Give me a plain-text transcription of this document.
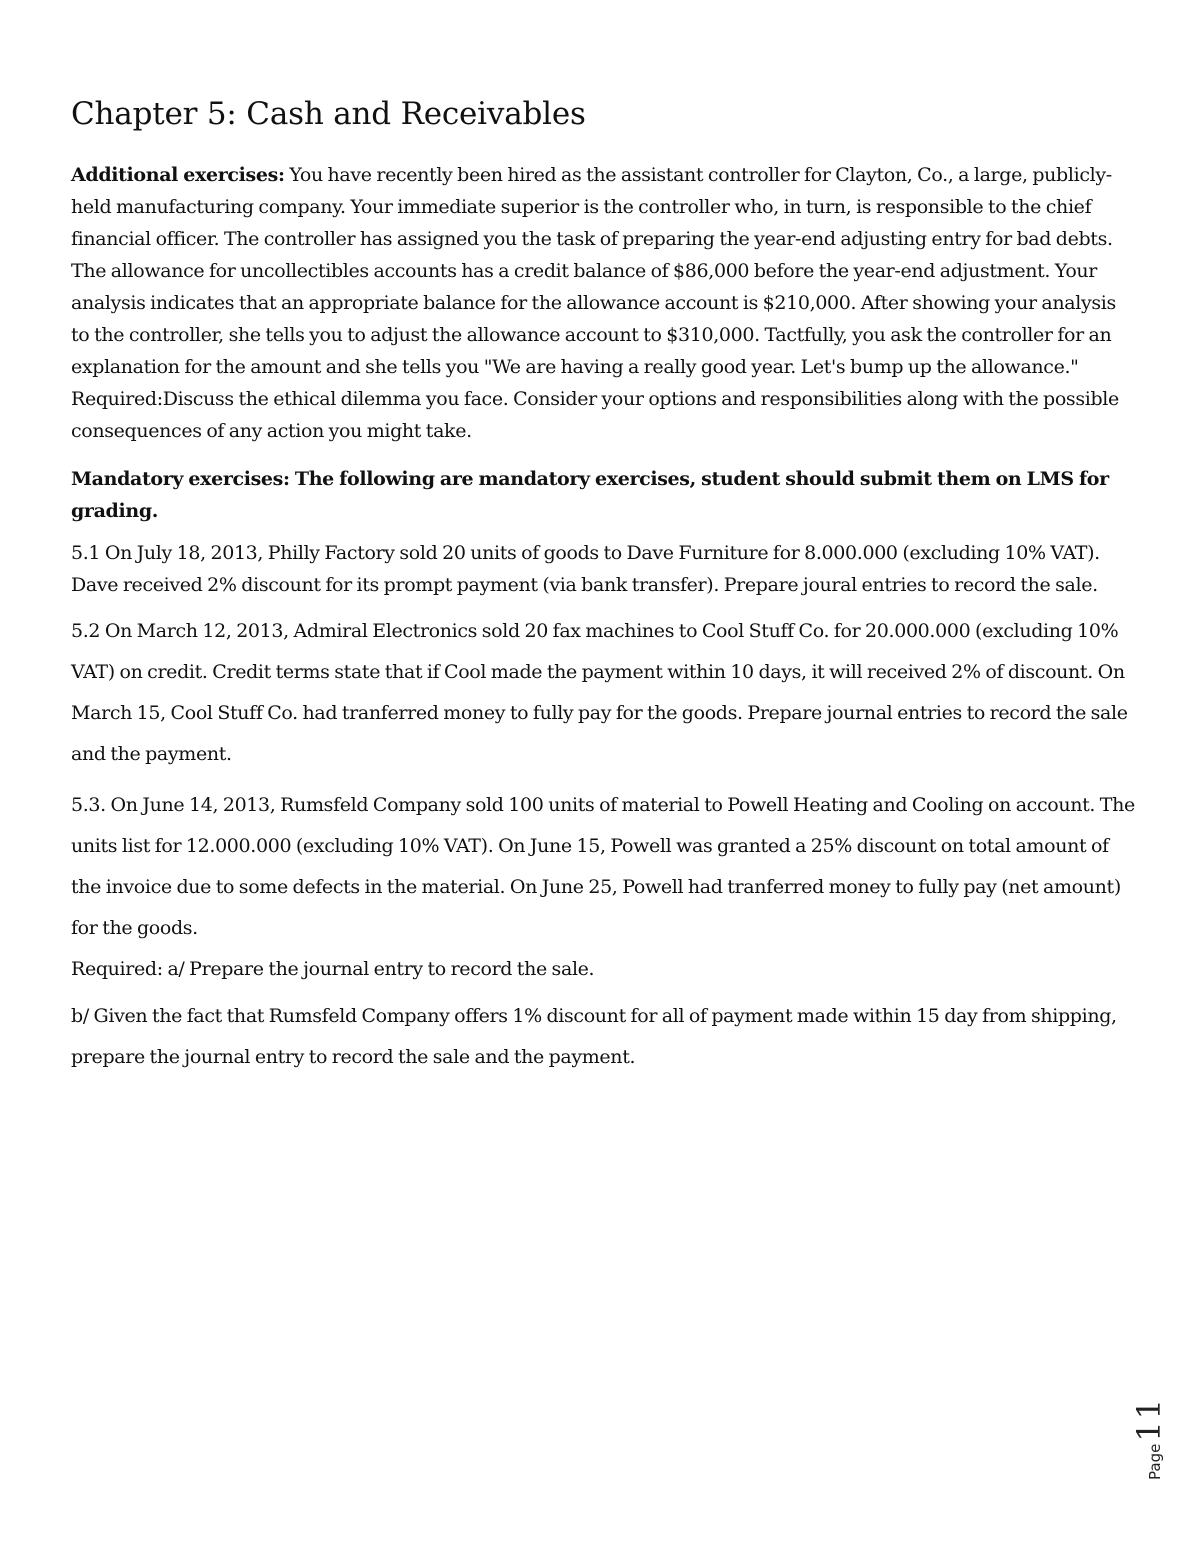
Chapter 5: Cash and Receivables

Additional exercises: You have recently been hired as the assistant controller for Clayton, Co., a large, publicly-held manufacturing company. Your immediate superior is the controller who, in turn, is responsible to the chief financial officer. The controller has assigned you the task of preparing the year-end adjusting entry for bad debts. The allowance for uncollectibles accounts has a credit balance of $86,000 before the year-end adjustment. Your analysis indicates that an appropriate balance for the allowance account is $210,000. After showing your analysis to the controller, she tells you to adjust the allowance account to $310,000. Tactfully, you ask the controller for an explanation for the amount and she tells you "We are having a really good year. Let's bump up the allowance."
Required:Discuss the ethical dilemma you face. Consider your options and responsibilities along with the possible consequences of any action you might take.

Mandatory exercises: The following are mandatory exercises, student should submit them on LMS for grading.

5.1 On July 18, 2013, Philly Factory sold 20 units of goods to Dave Furniture for 8.000.000 (excluding 10% VAT). Dave received 2% discount for its prompt payment (via bank transfer). Prepare joural entries to record the sale.

5.2 On March 12, 2013, Admiral Electronics sold 20 fax machines to Cool Stuff Co. for 20.000.000 (excluding 10% VAT) on credit. Credit terms state that if Cool made the payment within 10 days, it will received 2% of discount. On March 15, Cool Stuff Co. had tranferred money to fully pay for the goods. Prepare journal entries to record the sale and the payment.

5.3. On June 14, 2013, Rumsfeld Company sold 100 units of material to Powell Heating and Cooling on account. The units list for 12.000.000 (excluding 10% VAT). On June 15, Powell was granted a 25% discount on total amount of the invoice due to some defects in the material. On June 25, Powell had tranferred money to fully pay (net amount) for the goods.
Required: a/ Prepare the journal entry to record the sale.

b/ Given the fact that Rumsfeld Company offers 1% discount for all of payment made within 15 day from shipping, prepare the journal entry to record the sale and the payment.

Page11
